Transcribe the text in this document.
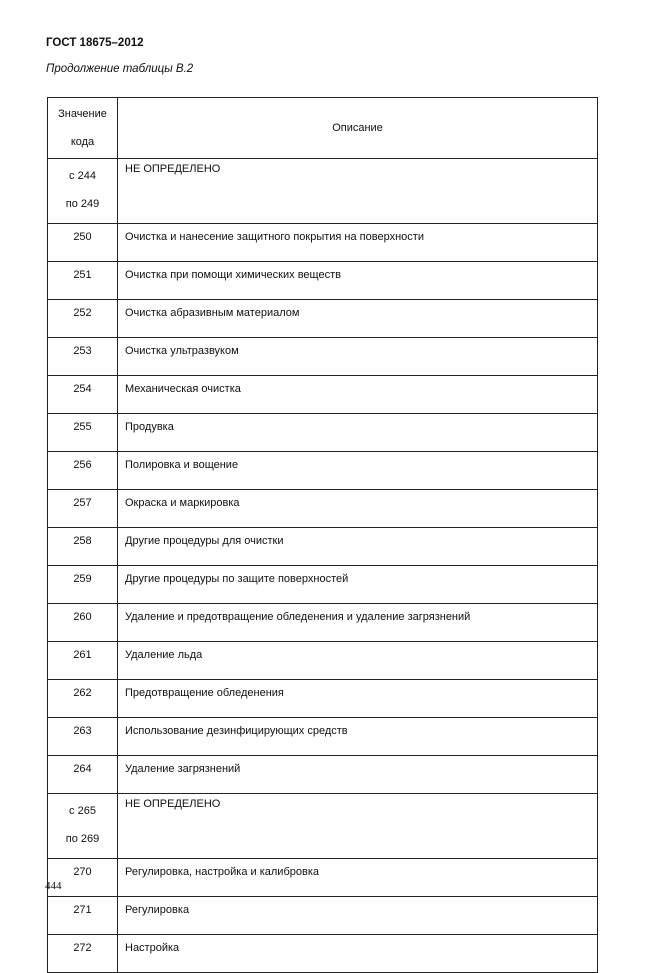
ГОСТ 18675–2012
Продолжение таблицы В.2
Значение
кода	Описание

с 244
по 249	НЕ ОПРЕДЕЛЕНО
250	Очистка и нанесение защитного покрытия на поверхности
251	Очистка при помощи химических веществ
252	Очистка абразивным материалом
253	Очистка ультразвуком
254	Механическая очистка
255	Продувка
256	Полировка и вощение
257	Окраска и маркировка
258	Другие процедуры для очистки
259	Другие процедуры по защите поверхностей
260	Удаление и предотвращение обледенения и удаление загрязнений
261	Удаление льда
262	Предотвращение обледенения
263	Использование дезинфицирующих средств
264	Удаление загрязнений

с 265
по 269	НЕ ОПРЕДЕЛЕНО
270	Регулировка, настройка и калибровка
271	Регулировка
272	Настройка
444
